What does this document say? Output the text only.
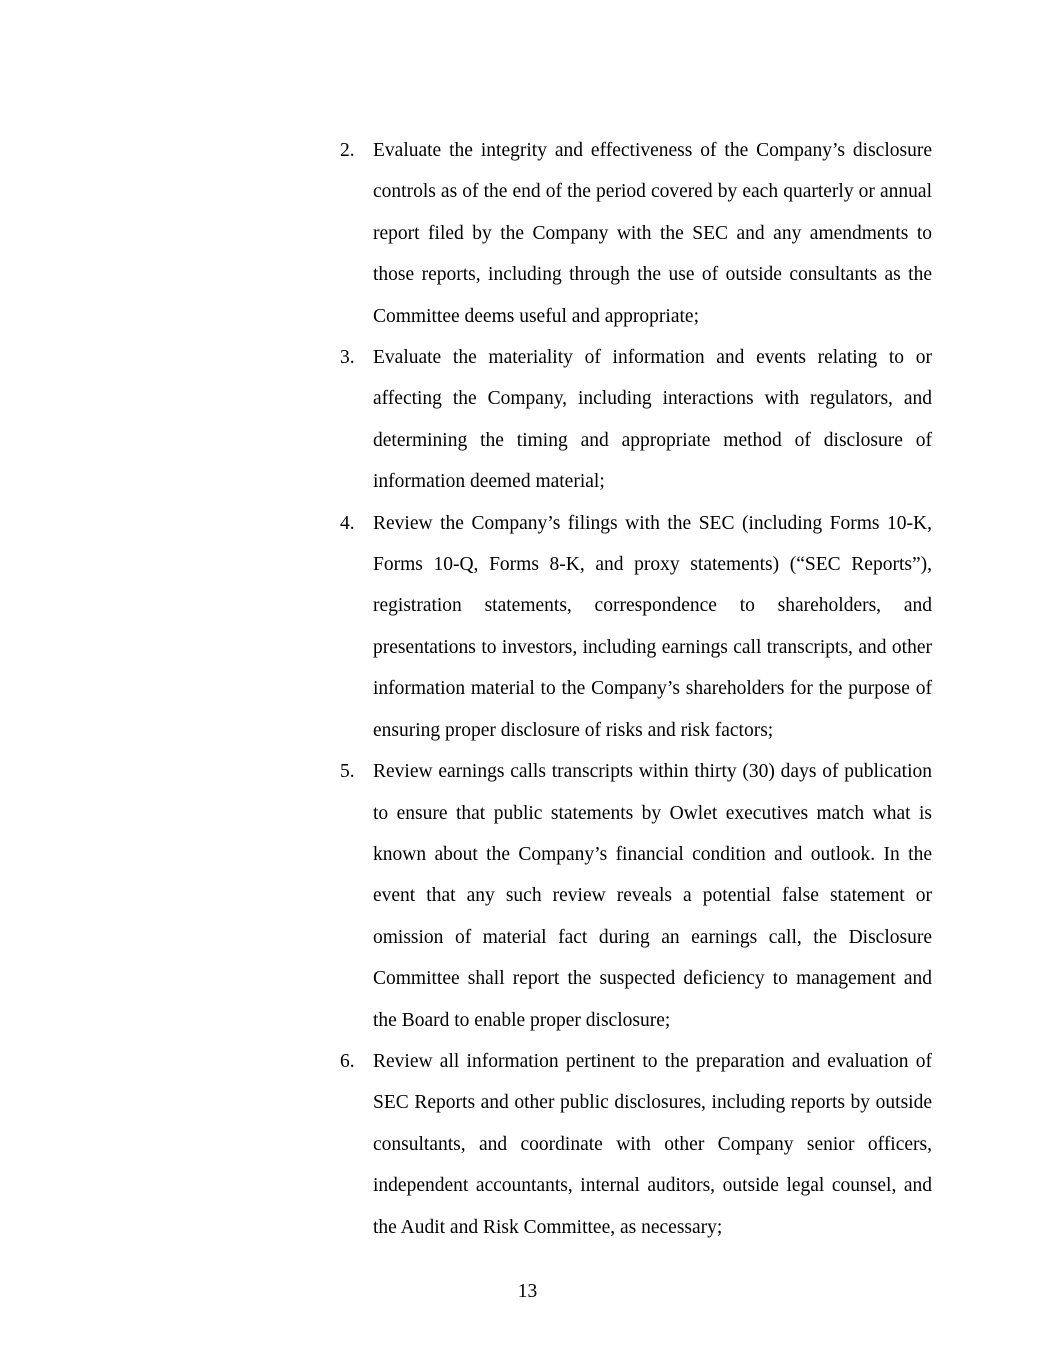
2. Evaluate the integrity and effectiveness of the Company’s disclosure controls as of the end of the period covered by each quarterly or annual report filed by the Company with the SEC and any amendments to those reports, including through the use of outside consultants as the Committee deems useful and appropriate;
3. Evaluate the materiality of information and events relating to or affecting the Company, including interactions with regulators, and determining the timing and appropriate method of disclosure of information deemed material;
4. Review the Company’s filings with the SEC (including Forms 10-K, Forms 10-Q, Forms 8-K, and proxy statements) (“SEC Reports”), registration statements, correspondence to shareholders, and presentations to investors, including earnings call transcripts, and other information material to the Company’s shareholders for the purpose of ensuring proper disclosure of risks and risk factors;
5. Review earnings calls transcripts within thirty (30) days of publication to ensure that public statements by Owlet executives match what is known about the Company’s financial condition and outlook. In the event that any such review reveals a potential false statement or omission of material fact during an earnings call, the Disclosure Committee shall report the suspected deficiency to management and the Board to enable proper disclosure;
6. Review all information pertinent to the preparation and evaluation of SEC Reports and other public disclosures, including reports by outside consultants, and coordinate with other Company senior officers, independent accountants, internal auditors, outside legal counsel, and the Audit and Risk Committee, as necessary;
13
